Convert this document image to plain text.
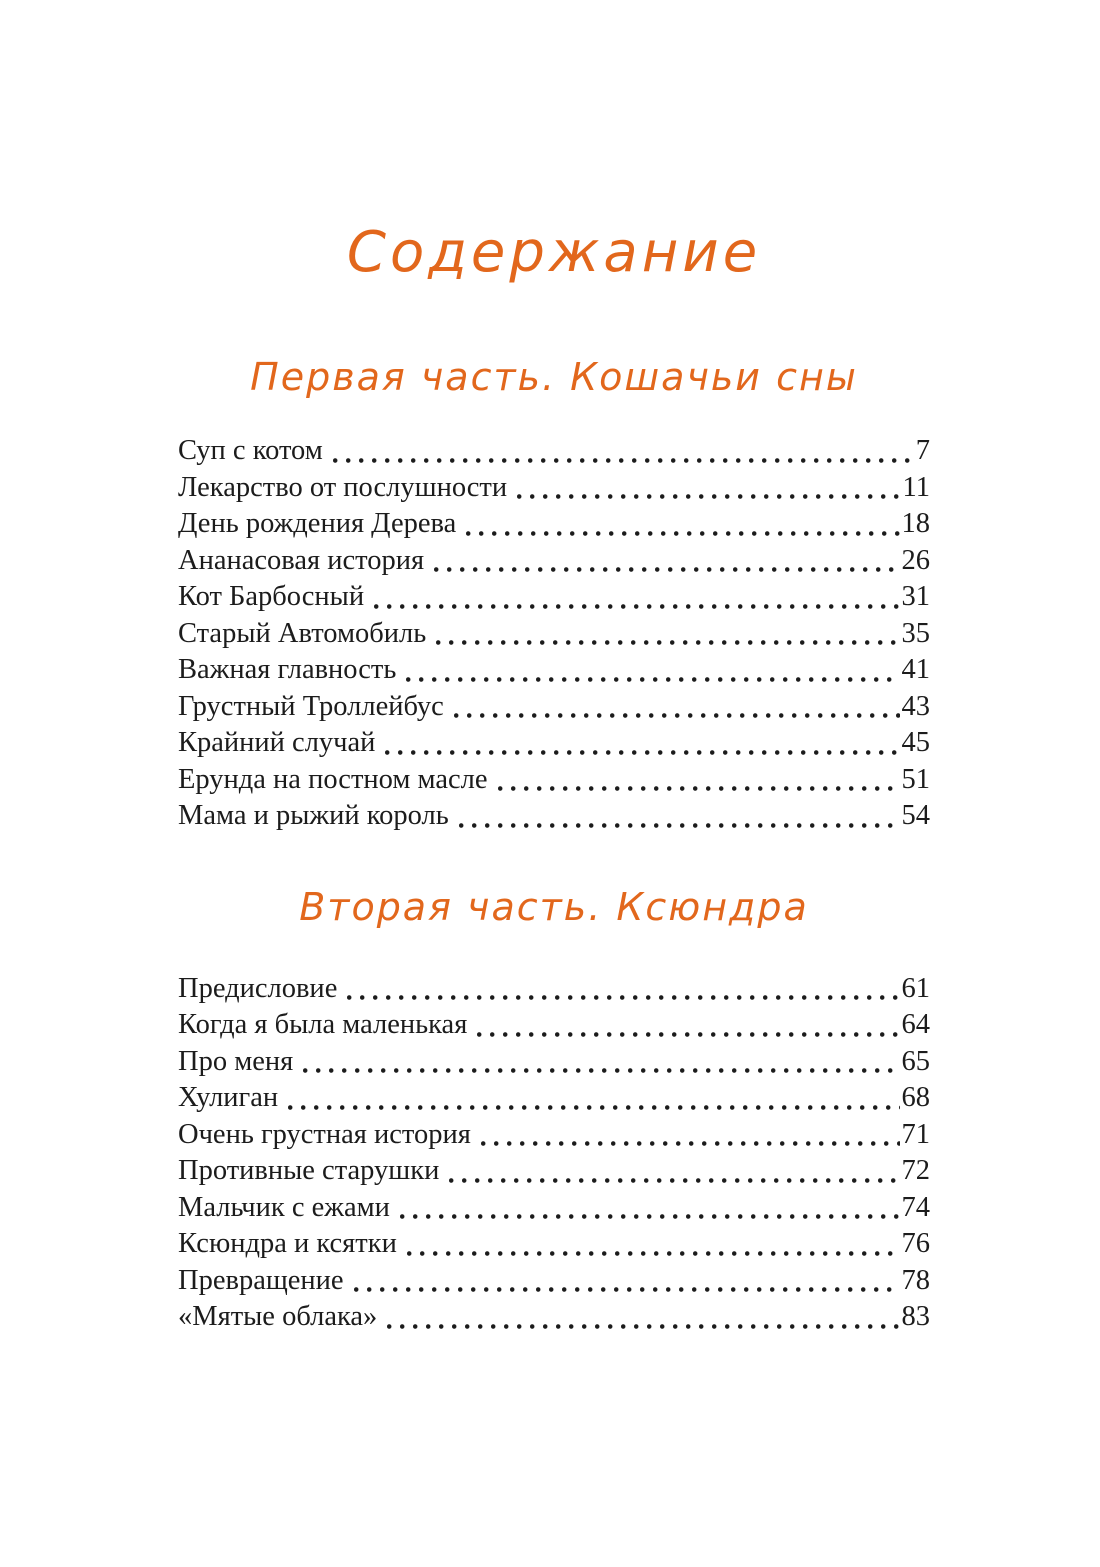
Содержание
Первая часть. Кошачьи сны
Суп с котом	7
Лекарство от послушности	11
День рождения Дерева	18
Ананасовая история	26
Кот Барбосный	31
Старый Автомобиль	35
Важная главность	41
Грустный Троллейбус	43
Крайний случай	45
Ерунда на постном масле	51
Мама и рыжий король	54
Вторая часть. Ксюндра
Предисловие	61
Когда я была маленькая	64
Про меня	65
Хулиган	68
Очень грустная история	71
Противные старушки	72
Мальчик с ежами	74
Ксюндра и ксятки	76
Превращение	78
«Мятые облака»	83
